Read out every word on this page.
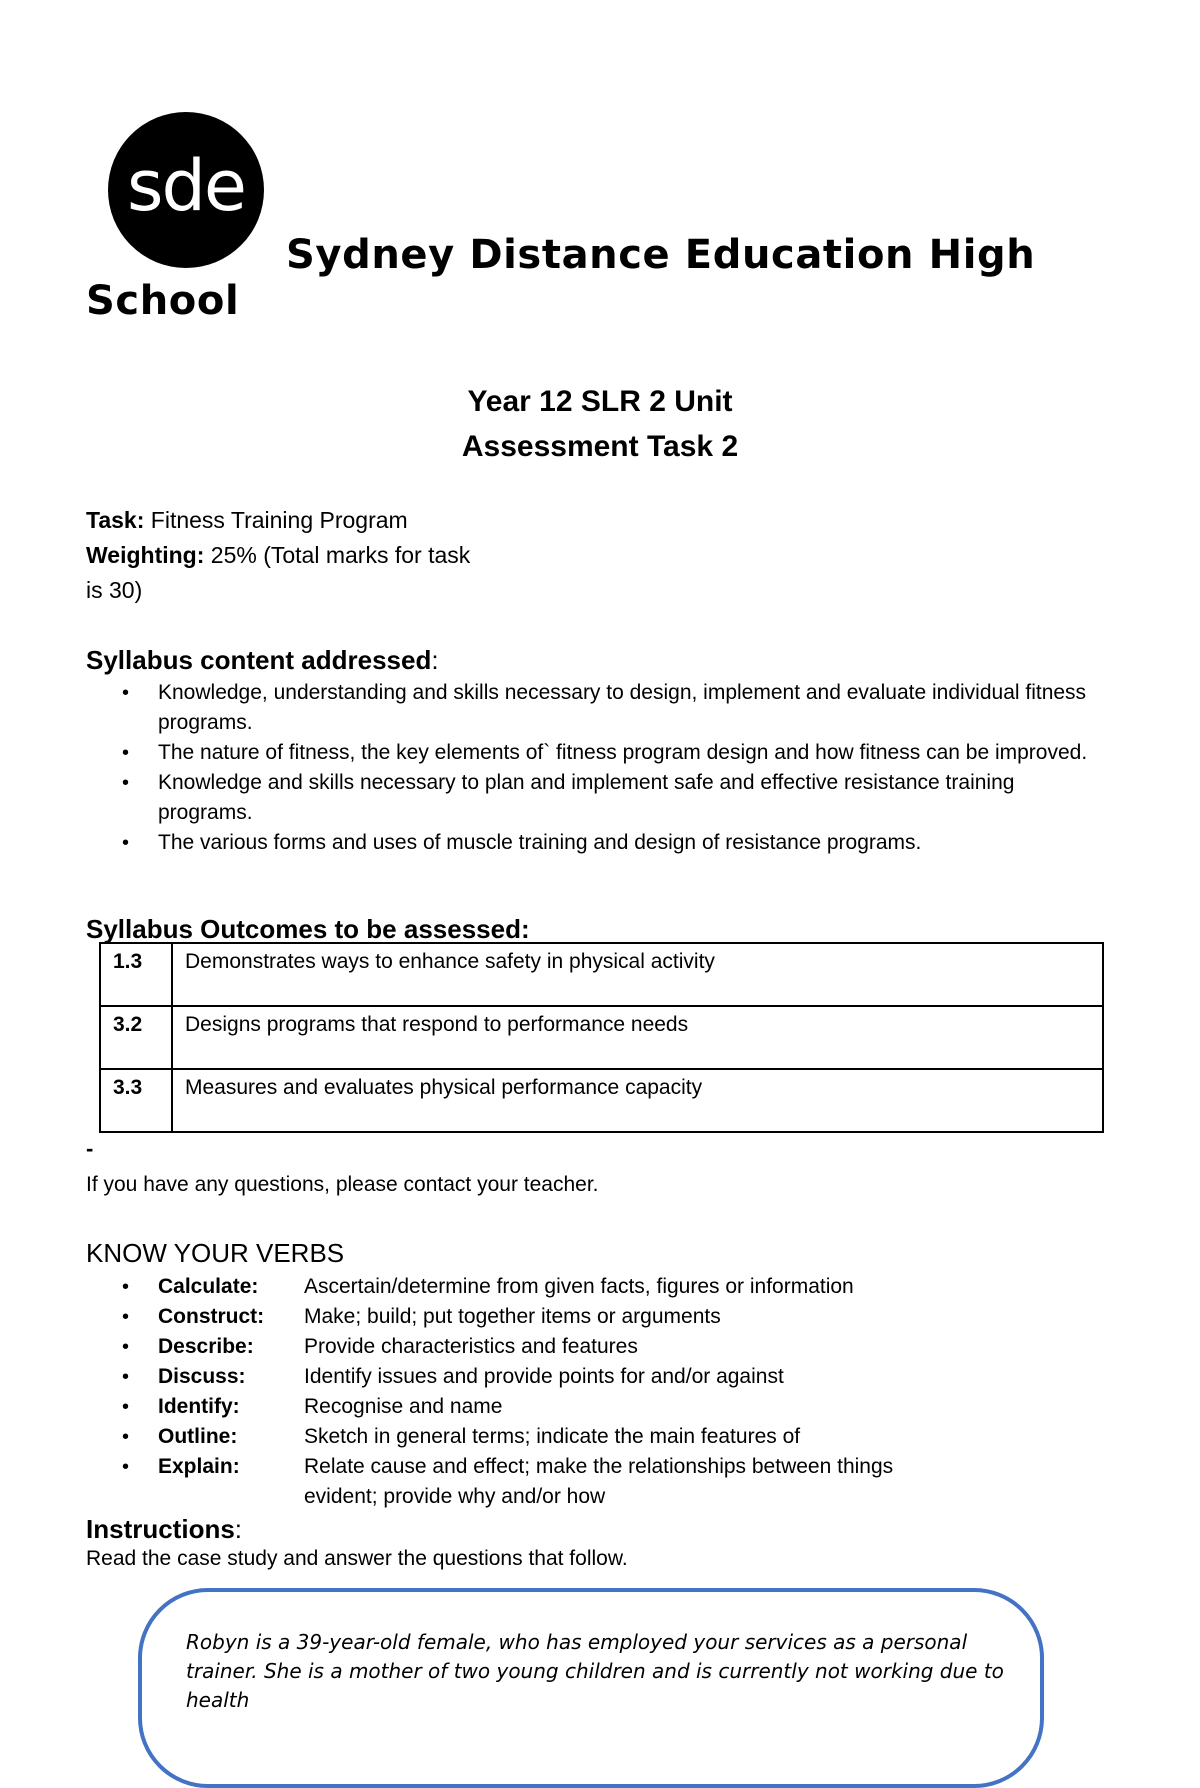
sde
Sydney Distance Education High School
Year 12 SLR 2 Unit
Assessment Task 2
Task: Fitness Training Program
Weighting: 25% (Total marks for task is 30)
Syllabus content addressed:
• Knowledge, understanding and skills necessary to design, implement and evaluate individual fitness programs.
• The nature of fitness, the key elements of` fitness program design and how fitness can be improved.
• Knowledge and skills necessary to plan and implement safe and effective resistance training programs.
• The various forms and uses of muscle training and design of resistance programs.
Syllabus Outcomes to be assessed:
1.3	Demonstrates ways to enhance safety in physical activity
3.2	Designs programs that respond to performance needs
3.3	Measures and evaluates physical performance capacity
-
If you have any questions, please contact your teacher.
KNOW YOUR VERBS
• Calculate: Ascertain/determine from given facts, figures or information
• Construct: Make; build; put together items or arguments
• Describe: Provide characteristics and features
• Discuss:	Identify issues and provide points for and/or against
• Identify:	Recognise and name
• Outline:	Sketch in general terms; indicate the main features of
• Explain:	Relate cause and effect; make the relationships between things evident; provide why and/or how
Instructions:
Read the case study and answer the questions that follow.
Robyn is a 39-year-old female, who has employed your services as a personal trainer. She is a mother of two young children and is currently not working due to health
